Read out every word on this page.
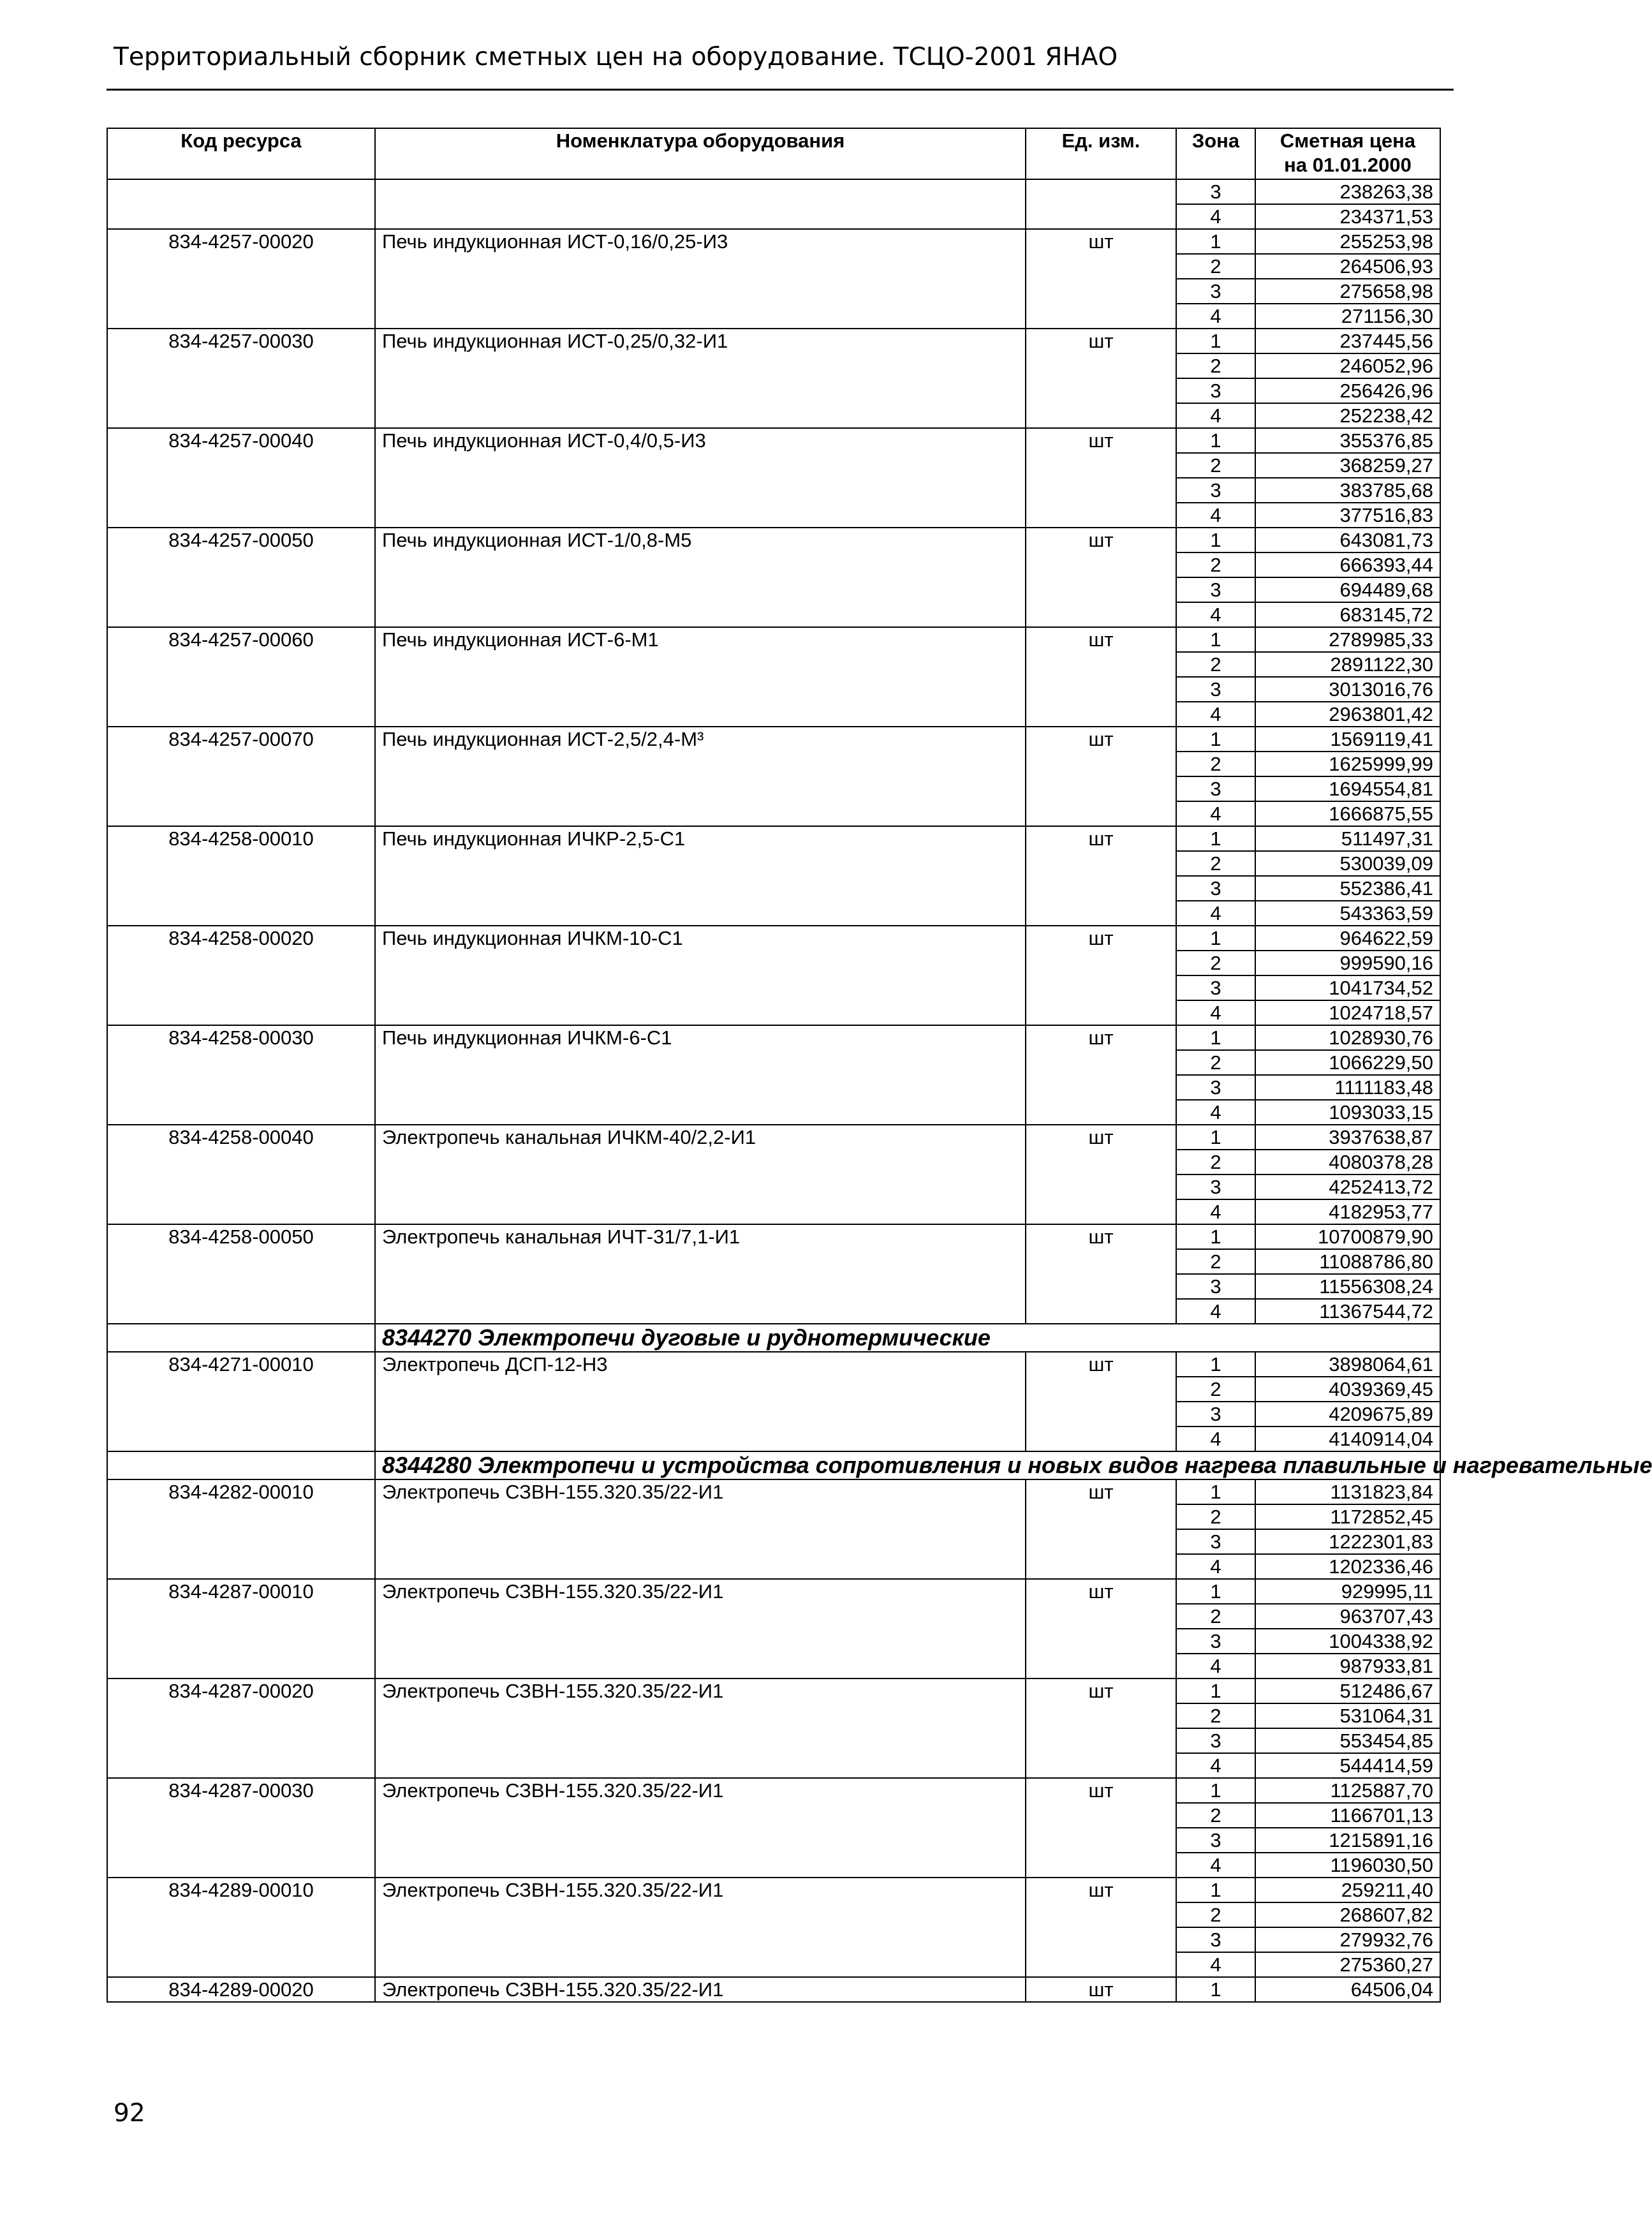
Территориальный сборник сметных цен на оборудование. ТСЦО-2001 ЯНАО
Код ресурса	Номенклатура оборудования	Ед. изм.	Зона	Сметная цена
на 01.01.2000

			3	238263,38
			4	234371,53
834-4257-00020	Печь индукционная ИСТ-0,16/0,25-И3	шт	1	255253,98
			2	264506,93
			3	275658,98
			4	271156,30
834-4257-00030	Печь индукционная ИСТ-0,25/0,32-И1	шт	1	237445,56
			2	246052,96
			3	256426,96
			4	252238,42
834-4257-00040	Печь индукционная ИСТ-0,4/0,5-И3	шт	1	355376,85
			2	368259,27
			3	383785,68
			4	377516,83
834-4257-00050	Печь индукционная ИСТ-1/0,8-М5	шт	1	643081,73
			2	666393,44
			3	694489,68
			4	683145,72
834-4257-00060	Печь индукционная ИСТ-6-М1	шт	1	2789985,33
			2	2891122,30
			3	3013016,76
			4	2963801,42
834-4257-00070	Печь индукционная ИСТ-2,5/2,4-М³	шт	1	1569119,41
			2	1625999,99
			3	1694554,81
			4	1666875,55
834-4258-00010	Печь индукционная ИЧКР-2,5-С1	шт	1	511497,31
			2	530039,09
			3	552386,41
			4	543363,59
834-4258-00020	Печь индукционная ИЧКМ-10-С1	шт	1	964622,59
			2	999590,16
			3	1041734,52
			4	1024718,57
834-4258-00030	Печь индукционная ИЧКМ-6-С1	шт	1	1028930,76
			2	1066229,50
			3	1111183,48
			4	1093033,15
834-4258-00040	Электропечь канальная ИЧКМ-40/2,2-И1	шт	1	3937638,87
			2	4080378,28
			3	4252413,72
			4	4182953,77
834-4258-00050	Электропечь канальная ИЧТ-31/7,1-И1	шт	1	10700879,90
			2	11088786,80
			3	11556308,24
			4	11367544,72
	8344270 Электропечи дуговые и руднотермические			
834-4271-00010	Электропечь ДСП-12-Н3	шт	1	3898064,61
			2	4039369,45
			3	4209675,89
			4	4140914,04
	8344280 Электропечи и устройства сопротивления и новых видов нагрева плавильные и нагревательные			
834-4282-00010	Электропечь СЗВН-155.320.35/22-И1	шт	1	1131823,84
			2	1172852,45
			3	1222301,83
			4	1202336,46
834-4287-00010	Электропечь СЗВН-155.320.35/22-И1	шт	1	929995,11
			2	963707,43
			3	1004338,92
			4	987933,81
834-4287-00020	Электропечь СЗВН-155.320.35/22-И1	шт	1	512486,67
			2	531064,31
			3	553454,85
			4	544414,59
834-4287-00030	Электропечь СЗВН-155.320.35/22-И1	шт	1	1125887,70
			2	1166701,13
			3	1215891,16
			4	1196030,50
834-4289-00010	Электропечь СЗВН-155.320.35/22-И1	шт	1	259211,40
			2	268607,82
			3	279932,76
			4	275360,27
834-4289-00020	Электропечь СЗВН-155.320.35/22-И1	шт	1	64506,04
92
